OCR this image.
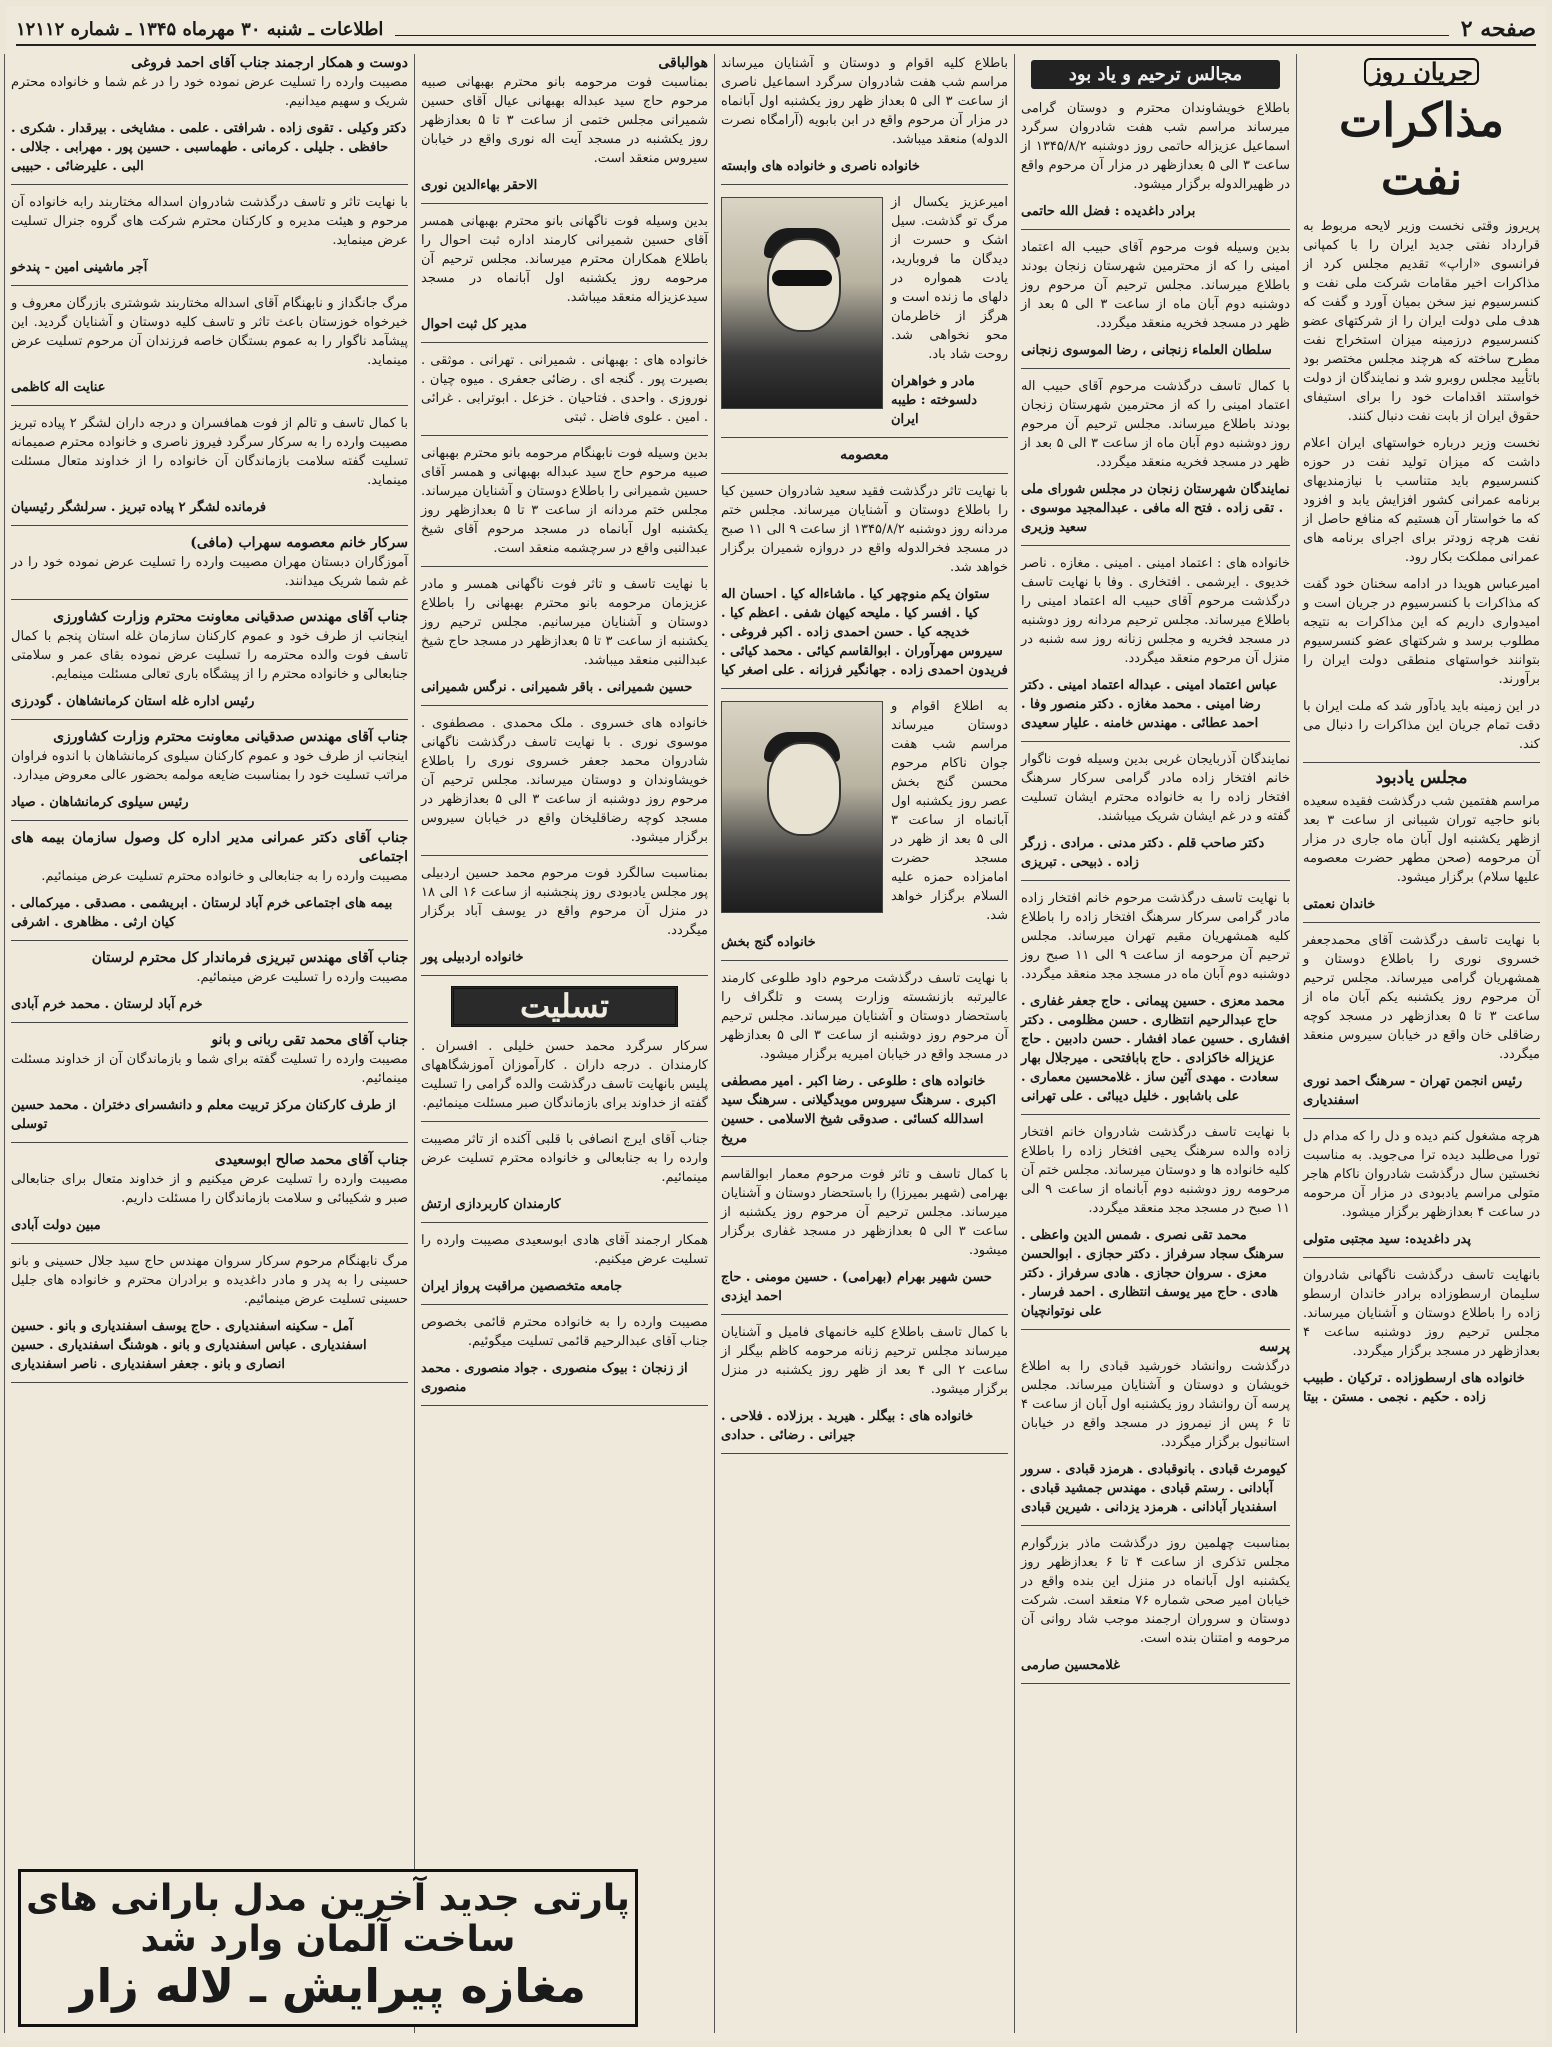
صفحه ۲
اطلاعات ـ شنبه ۳۰ مهرماه ۱۳۴۵ ـ شماره ۱۲۱۱۲
جریان روز
مذاکرات نفت

پریروز وقتی نخست وزیر لایحه مربوط به قرارداد نفتی جدید ایران را با کمپانی فرانسوی «اراپ» تقدیم مجلس کرد از مذاکرات اخیر مقامات شرکت ملی نفت و کنسرسیوم نیز سخن بمیان آورد و گفت که هدف ملی دولت ایران را از شرکتهای عضو کنسرسیوم درزمینه میزان استخراج نفت مطرح ساخته که هرچند مجلس مختصر بود باتأیید مجلس روبرو شد و نمایندگان از دولت خواستند اقدامات خود را برای استیفای حقوق ایران از بابت نفت دنبال کنند.

نخست وزیر درباره خواستهای ایران اعلام داشت که میزان تولید نفت در حوزه کنسرسیوم باید متناسب با نیازمندیهای برنامه عمرانی کشور افزایش یابد و افزود که ما خواستار آن هستیم که منافع حاصل از نفت هرچه زودتر برای اجرای برنامه های عمرانی مملکت بکار رود.

امیرعباس هویدا در ادامه سخنان خود گفت که مذاکرات با کنسرسیوم در جریان است و امیدواری داریم که این مذاکرات به نتیجه مطلوب برسد و شرکتهای عضو کنسرسیوم بتوانند خواستهای منطقی دولت ایران را برآورند.

در این زمینه باید یادآور شد که ملت ایران با دقت تمام جریان این مذاکرات را دنبال می کند.

مجلس یادبود

مراسم هفتمین شب درگذشت فقیده سعیده بانو حاجیه توران شیبانی از ساعت ۳ بعد ازظهر یکشنبه اول آبان ماه جاری در مزار آن مرحومه (صحن مطهر حضرت معصومه علیها سلام) برگزار میشود.

خاندان نعمتی

با نهایت تاسف درگذشت آقای محمدجعفر خسروی نوری را باطلاع دوستان و همشهریان گرامی میرساند. مجلس ترحیم آن مرحوم روز یکشنبه یکم آبان ماه از ساعت ۳ تا ۵ بعدازظهر در مسجد کوچه رضاقلی خان واقع در خیابان سیروس منعقد میگردد.

رئیس انجمن تهران - سرهنگ احمد نوری اسفندیاری

هرچه مشغول کنم دیده و دل را که مدام دل تورا می‌طلبد دیده ترا می‌جوید. به مناسبت نخستین سال درگذشت شادروان ناکام هاجر متولی مراسم یادبودی در مزار آن مرحومه در ساعت ۴ بعدازظهر برگزار میشود.

پدر داغدیده: سید مجتبی متولی

بانهایت تاسف درگذشت ناگهانی شادروان سلیمان ارسطوزاده برادر خاندان ارسطو زاده را باطلاع دوستان و آشنایان میرساند. مجلس ترحیم روز دوشنبه ساعت ۴ بعدازظهر در مسجد برگزار میگردد.

خانواده های ارسطوزاده . ترکیان . طبیب زاده . حکیم . نجمی . مستن . بیتا
مجالس ترحیم و یاد بود

باطلاع خویشاوندان محترم و دوستان گرامی میرساند مراسم شب هفت شادروان سرگرد اسماعیل عزیزاله حاتمی روز دوشنبه ۱۳۴۵/۸/۲ از ساعت ۳ الی ۵ بعدازظهر در مزار آن مرحوم واقع در ظهیرالدوله برگزار میشود.

برادر داغدیده : فضل الله حاتمی

بدین وسیله فوت مرحوم آقای حبیب اله اعتماد امینی را که از محترمین شهرستان زنجان بودند باطلاع میرساند. مجلس ترحیم آن مرحوم روز دوشنبه دوم آبان ماه از ساعت ۳ الی ۵ بعد از ظهر در مسجد فخریه منعقد میگردد.

سلطان العلماء زنجانی ، رضا الموسوی زنجانی

با کمال تاسف درگذشت مرحوم آقای حبیب اله اعتماد امینی را که از محترمین شهرستان زنجان بودند باطلاع میرساند. مجلس ترحیم آن مرحوم روز دوشنبه دوم آبان ماه از ساعت ۳ الی ۵ بعد از ظهر در مسجد فخریه منعقد میگردد.

نمایندگان شهرستان زنجان در مجلس شورای ملی . تقی زاده . فتح اله مافی . عبدالمجید موسوی . سعید وزیری

خانواده های : اعتماد امینی . امینی . مغازه . ناصر خدیوی . ایرشمی . افتخاری . وفا با نهایت تاسف درگذشت مرحوم آقای حبیب اله اعتماد امینی را باطلاع میرساند. مجلس ترحیم مردانه روز دوشنبه در مسجد فخریه و مجلس زنانه روز سه شنبه در منزل آن مرحوم منعقد میگردد.

عباس اعتماد امینی . عبداله اعتماد امینی . دکتر رضا امینی . محمد مغازه . دکتر منصور وفا . احمد عطائی . مهندس خامنه . علیار سعیدی

نمایندگان آذربایجان غربی بدین وسیله فوت ناگوار خانم افتخار زاده مادر گرامی سرکار سرهنگ افتخار زاده را به خانواده محترم ایشان تسلیت گفته و در غم ایشان شریک میباشند.

دکتر صاحب قلم . دکتر مدنی . مرادی . زرگر زاده . ذبیحی . تبریزی

با نهایت تاسف درگذشت مرحوم خانم افتخار زاده مادر گرامی سرکار سرهنگ افتخار زاده را باطلاع کلیه همشهریان مقیم تهران میرساند. مجلس ترحیم آن مرحومه از ساعت ۹ الی ۱۱ صبح روز دوشنبه دوم آبان ماه در مسجد مجد منعقد میگردد.

محمد معزی . حسین پیمانی . حاج جعفر غفاری . حاج عبدالرحیم انتظاری . حسن مظلومی . دکتر افشاری . حسین عماد افشار . حسن دادبین . حاج عزیزاله خاکزادی . حاج بابافتحی . میرجلال بهار سعادت . مهدی آئین ساز . غلامحسین معماری . علی باشابور . خلیل دیبائی . علی تهرانی

با نهایت تاسف درگذشت شادروان خانم افتخار زاده والده سرهنگ یحیی افتخار زاده را باطلاع کلیه خانواده ها و دوستان میرساند. مجلس ختم آن مرحومه روز دوشنبه دوم آبانماه از ساعت ۹ الی ۱۱ صبح در مسجد مجد منعقد میگردد.

محمد تقی نصری . شمس الدین واعظی . سرهنگ سجاد سرفراز . دکتر حجازی . ابوالحسن معزی . سروان حجازی . هادی سرفراز . دکتر هادی . حاج میر یوسف انتظاری . احمد فرسار . علی نوتوانچیان
پرسه

درگذشت روانشاد خورشید قبادی را به اطلاع خویشان و دوستان و آشنایان میرساند. مجلس پرسه آن روانشاد روز یکشنبه اول آبان از ساعت ۴ تا ۶ پس از نیمروز در مسجد واقع در خیابان استانبول برگزار میگردد.

کیومرث قبادی . بانوقبادی . هرمزد قبادی . سرور آبادانی . رستم قبادی . مهندس جمشید قبادی . اسفندیار آبادانی . هرمزد یزدانی . شیرین قبادی

بمناسبت چهلمین روز درگذشت ماذر بزرگوارم مجلس تذکری از ساعت ۴ تا ۶ بعدازظهر روز یکشنبه اول آبانماه در منزل این بنده واقع در خیابان امیر صحی شماره ۷۶ منعقد است. شرکت دوستان و سروران ارجمند موجب شاد روانی آن مرحومه و امتنان بنده است.

غلامحسین صارمی

باطلاع کلیه اقوام و دوستان و آشنایان میرساند مراسم شب هفت شادروان سرگرد اسماعیل ناصری از ساعت ۳ الی ۵ بعداز ظهر روز یکشنبه اول آبانماه در مزار آن مرحوم واقع در ابن بابویه (آرامگاه نصرت الدوله) منعقد میباشد.

خانواده ناصری و خانواده های وابسته

امیرعزیز یکسال از مرگ تو گذشت. سیل اشک و حسرت از دیدگان ما فروبارید، یادت همواره در دلهای ما زنده است و هرگز از خاطرمان محو نخواهی شد. روحت شاد باد.

مادر و خواهران دلسوخته : طیبه ایران
معصومه

با نهایت تاثر درگذشت فقید سعید شادروان حسین کیا را باطلاع دوستان و آشنایان میرساند. مجلس ختم مردانه روز دوشنبه ۱۳۴۵/۸/۲ از ساعت ۹ الی ۱۱ صبح در مسجد فخرالدوله واقع در دروازه شمیران برگزار خواهد شد.

ستوان یکم منوچهر کیا . ماشاءاله کیا . احسان اله کیا . افسر کیا . ملیحه کیهان شفی . اعظم کیا . خدیجه کیا . حسن احمدی زاده . اکبر فروغی . سیروس مهرآوران . ابوالقاسم کیائی . محمد کیائی . فریدون احمدی زاده . جهانگیر فرزانه . علی اصغر کیا

به اطلاع اقوام و دوستان میرساند مراسم شب هفت جوان ناکام مرحوم محسن گنج بخش عصر روز یکشنبه اول آبانماه از ساعت ۳ الی ۵ بعد از ظهر در مسجد حضرت امامزاده حمزه علیه السلام برگزار خواهد شد.

خانواده گنج بخش

با نهایت تاسف درگذشت مرحوم داود طلوعی کارمند عالیرتبه بازنشسته وزارت پست و تلگراف را باستحضار دوستان و آشنایان میرساند. مجلس ترحیم آن مرحوم روز دوشنبه از ساعت ۳ الی ۵ بعدازظهر در مسجد واقع در خیابان امیریه برگزار میشود.

خانواده های : طلوعی . رضا اکبر . امیر مصطفی اکبری . سرهنگ سیروس مویدگیلانی . سرهنگ سید اسدالله کسائی . صدوقی شیخ الاسلامی . حسین مریخ

با کمال تاسف و تاثر فوت مرحوم معمار ابوالقاسم بهرامی (شهیر بمیرزا) را باستحضار دوستان و آشنایان میرساند. مجلس ترحیم آن مرحوم روز یکشنبه از ساعت ۳ الی ۵ بعدازظهر در مسجد غفاری برگزار میشود.

حسن شهیر بهرام (بهرامی) . حسین مومنی . حاج احمد ایزدی

با کمال تاسف باطلاع کلیه خانمهای فامیل و آشنایان میرساند مجلس ترحیم زنانه مرحومه کاظم بیگلر از ساعت ۲ الی ۴ بعد از ظهر روز یکشنبه در منزل برگزار میشود.

خانواده های : بیگلر . هیربد . برزلاده . فلاحی . جیرانی . رضائی . حدادی
هوالباقی

بمناسبت فوت مرحومه بانو محترم بهبهانی صبیه مرحوم حاج سید عبداله بهبهانی عیال آقای حسین شمیرانی مجلس ختمی از ساعت ۳ تا ۵ بعدازظهر روز یکشنبه در مسجد آیت اله نوری واقع در خیابان سیروس منعقد است.

الاحقر بهاءالدین نوری

بدین وسیله فوت ناگهانی بانو محترم بهبهانی همسر آقای حسین شمیرانی کارمند اداره ثبت احوال را باطلاع همکاران محترم میرساند. مجلس ترحیم آن مرحومه روز یکشنبه اول آبانماه در مسجد سیدعزیزاله منعقد میباشد.

مدیر کل ثبت احوال

خانواده های : بهبهانی . شمیرانی . تهرانی . موثقی . بصیرت پور . گنجه ای . رضائی جعفری . میوه چیان . نوروزی . واحدی . فتاحیان . خزعل . ابوترابی . غرائی . امین . علوی فاضل . ثبتی

بدین وسیله فوت نابهنگام مرحومه بانو محترم بهبهانی صبیه مرحوم حاج سید عبداله بهبهانی و همسر آقای حسین شمیرانی را باطلاع دوستان و آشنایان میرساند. مجلس ختم مردانه از ساعت ۳ تا ۵ بعدازظهر روز یکشنبه اول آبانماه در مسجد مرحوم آقای شیخ عبدالنبی واقع در سرچشمه منعقد است.

با نهایت تاسف و تاثر فوت ناگهانی همسر و مادر عزیزمان مرحومه بانو محترم بهبهانی را باطلاع دوستان و آشنایان میرسانیم. مجلس ترحیم روز یکشنبه از ساعت ۳ تا ۵ بعدازظهر در مسجد حاج شیخ عبدالنبی منعقد میباشد.

حسین شمیرانی . باقر شمیرانی . نرگس شمیرانی

خانواده های خسروی . ملک محمدی . مصطفوی . موسوی نوری . با نهایت تاسف درگذشت ناگهانی شادروان محمد جعفر خسروی نوری را باطلاع خویشاوندان و دوستان میرساند. مجلس ترحیم آن مرحوم روز دوشنبه از ساعت ۳ الی ۵ بعدازظهر در مسجد کوچه رضاقلیخان واقع در خیابان سیروس برگزار میشود.

بمناسبت سالگرد فوت مرحوم محمد حسین اردبیلی پور مجلس یادبودی روز پنجشنبه از ساعت ۱۶ الی ۱۸ در منزل آن مرحوم واقع در یوسف آباد برگزار میگردد.

خانواده اردبیلی پور
تسلیت

سرکار سرگرد محمد حسن خلیلی . افسران . کارمندان . درجه داران . کارآموزان آموزشگاههای پلیس بانهایت تاسف درگذشت والده گرامی را تسلیت گفته از خداوند برای بازماندگان صبر مسئلت مینمائیم.

جناب آقای ایرج انصافی با قلبی آکنده از تاثر مصیبت وارده را به جنابعالی و خانواده محترم تسلیت عرض مینمائیم.

کارمندان کاربردازی ارتش

همکار ارجمند آقای هادی ابوسعیدی مصیبت وارده را تسلیت عرض میکنیم.

جامعه متخصصین مراقبت پرواز ایران

مصیبت وارده را به خانواده محترم قائمی بخصوص جناب آقای عبدالرحیم قائمی تسلیت میگوئیم.

از زنجان : بیوک منصوری . جواد منصوری . محمد منصوری
دوست و همکار ارجمند جناب آقای احمد فروغی

مصیبت وارده را تسلیت عرض نموده خود را در غم شما و خانواده محترم شریک و سهیم میدانیم.

دکتر وکیلی . تقوی زاده . شرافتی . علمی . مشایخی . بیرقدار . شکری . حافظی . جلیلی . کرمانی . طهماسبی . حسین پور . مهرابی . جلالی . البی . علیرضائی . حبیبی

با نهایت تاثر و تاسف درگذشت شادروان اسداله مختاربند رابه خانواده آن مرحوم و هیئت مدیره و کارکنان محترم شرکت های گروه جنرال تسلیت عرض مینماید.

آجر ماشینی امین - پندخو

مرگ جانگداز و نابهنگام آقای اسداله مختاربند شوشتری بازرگان معروف و خیرخواه خوزستان باعث تاثر و تاسف کلیه دوستان و آشنایان گردید. این پیشآمد ناگوار را به عموم بستگان خاصه فرزندان آن مرحوم تسلیت عرض مینماید.

عنایت اله کاظمی

با کمال تاسف و تالم از فوت همافسران و درجه داران لشگر ۲ پیاده تبریز مصیبت وارده را به سرکار سرگرد فیروز ناصری و خانواده محترم صمیمانه تسلیت گفته سلامت بازماندگان آن خانواده را از خداوند متعال مسئلت مینماید.

فرمانده لشگر ۲ پیاده تبریز . سرلشگر رئیسیان
سرکار خانم معصومه سهراب (مافی)

آموزگاران دبستان مهران مصیبت وارده را تسلیت عرض نموده خود را در غم شما شریک میدانند.

جناب آقای مهندس صدقیانی معاونت محترم وزارت کشاورزی

اینجانب از طرف خود و عموم کارکنان سازمان غله استان پنجم با کمال تاسف فوت والده محترمه را تسلیت عرض نموده بقای عمر و سلامتی جنابعالی و خانواده محترم را از پیشگاه باری تعالی مسئلت مینمایم.

رئیس اداره غله استان کرمانشاهان . گودرزی
جناب آقای مهندس صدقیانی معاونت محترم وزارت کشاورزی

اینجانب از طرف خود و عموم کارکنان سیلوی کرمانشاهان با اندوه فراوان مراتب تسلیت خود را بمناسبت ضایعه مولمه بحضور عالی معروض میدارد.

رئیس سیلوی کرمانشاهان . صیاد
جناب آقای دکتر عمرانی مدیر اداره کل وصول سازمان بیمه های اجتماعی

مصیبت وارده را به جنابعالی و خانواده محترم تسلیت عرض مینمائیم.

بیمه های اجتماعی خرم آباد لرستان . ابریشمی . مصدقی . میرکمالی . کیان ارثی . مظاهری . اشرفی
جناب آقای مهندس تبریزی فرماندار کل محترم لرستان

مصیبت وارده را تسلیت عرض مینمائیم.

خرم آباد لرستان . محمد خرم آبادی
جناب آقای محمد تقی ربانی و بانو

مصیبت وارده را تسلیت گفته برای شما و بازماندگان آن از خداوند مسئلت مینمائیم.

از طرف کارکنان مرکز تربیت معلم و دانشسرای دختران . محمد حسین توسلی
جناب آقای محمد صالح ابوسعیدی

مصیبت وارده را تسلیت عرض میکنیم و از خداوند متعال برای جنابعالی صبر و شکیبائی و سلامت بازماندگان را مسئلت داریم.

مبین دولت آبادی

مرگ نابهنگام مرحوم سرکار سروان مهندس حاج سید جلال حسینی و بانو حسینی را به پدر و مادر داغدیده و برادران محترم و خانواده های جلیل حسینی تسلیت عرض مینمائیم.

آمل - سکینه اسفندیاری . حاج یوسف اسفندیاری و بانو . حسین اسفندیاری . عباس اسفندیاری و بانو . هوشنگ اسفندیاری . حسین انصاری و بانو . جعفر اسفندیاری . ناصر اسفندیاری
پارتی جدید آخرین مدل بارانی های
ساخت آلمان وارد شد
مغازه پیرایش ـ لاله زار
